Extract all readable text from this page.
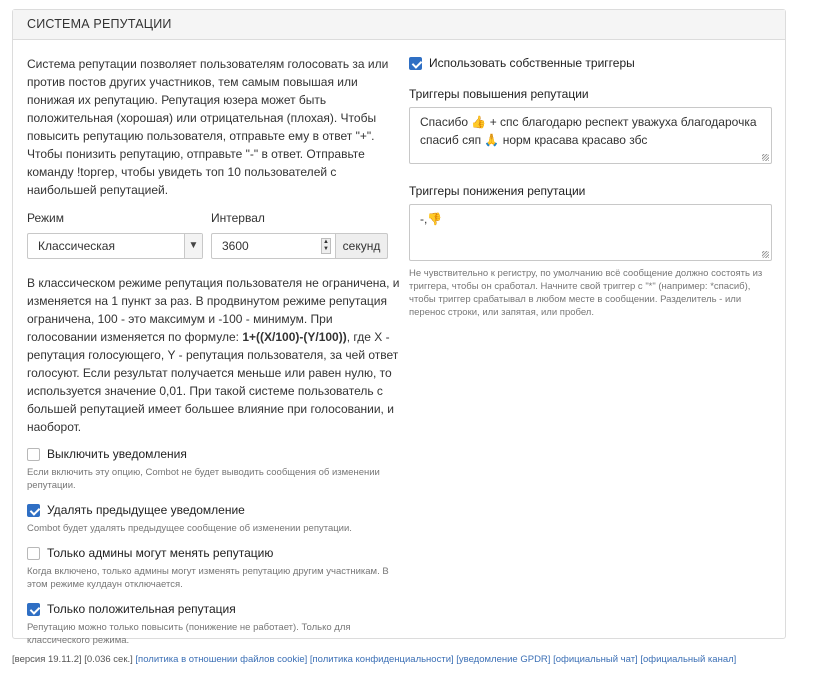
СИСТЕМА РЕПУТАЦИИ

Система репутации позволяет пользователям голосовать за или против постов других участников, тем самым повышая или понижая их репутацию. Репутация юзера может быть положительная (хорошая) или отрицательная (плохая). Чтобы повысить репутацию пользователя, отправьте ему в ответ "+". Чтобы понизить репутацию, отправьте "-" в ответ. Отправьте команду !topгер, чтобы увидеть топ 10 пользователей с наибольшей репутацией.

Режим	Интервал
Классическая	▼	3600	▲
▼	секунд
В классическом режиме репутация пользователя не ограничена, и изменяется на 1 пункт за раз. В продвинутом режиме репутация ограничена, 100 - это максимум и -100 - минимум. При голосовании изменяется по формуле: 1+((X/100)-(Y/100)), где X - репутация голосующего, Y - репутация пользователя, за чей ответ голосуют. Если результат получается меньше или равен нулю, то используется значение 0,01. При такой системе пользователь с большей репутацией имеет большее влияние при голосовании, и наоборот.
Выключить уведомления
Если включить эту опцию, Combot не будет выводить сообщения об изменении репутации.
Удалять предыдущее уведомление
Combot будет удалять предыдущее сообщение об изменении репутации.
Только админы могут менять репутацию
Когда включено, только админы могут изменять репутацию другим участникам. В этом режиме кулдаун отключается.
Только положительная репутация
Репутацию можно только повысить (понижение не работает). Только для классического режима.
Использовать собственные триггеры
Триггеры повышения репутации
Спасибо 👍 + спс благодарю респект уважуха благодарочка спасиб сяп 🙏 норм красава красаво збс
Триггеры понижения репутации
-,👎
Не чувствительно к регистру, по умолчанию всё сообщение должно состоять из триггера, чтобы он сработал. Начните свой триггер с "*" (например: *спасиб), чтобы триггер срабатывал в любом месте в сообщении. Разделитель - или перенос строки, или запятая, или пробел.
[версия 19.11.2] [0.036 сек.] [политика в отношении файлов cookie] [политика конфиденциальности] [уведомление GPDR] [официальный чат] [официальный канал]
